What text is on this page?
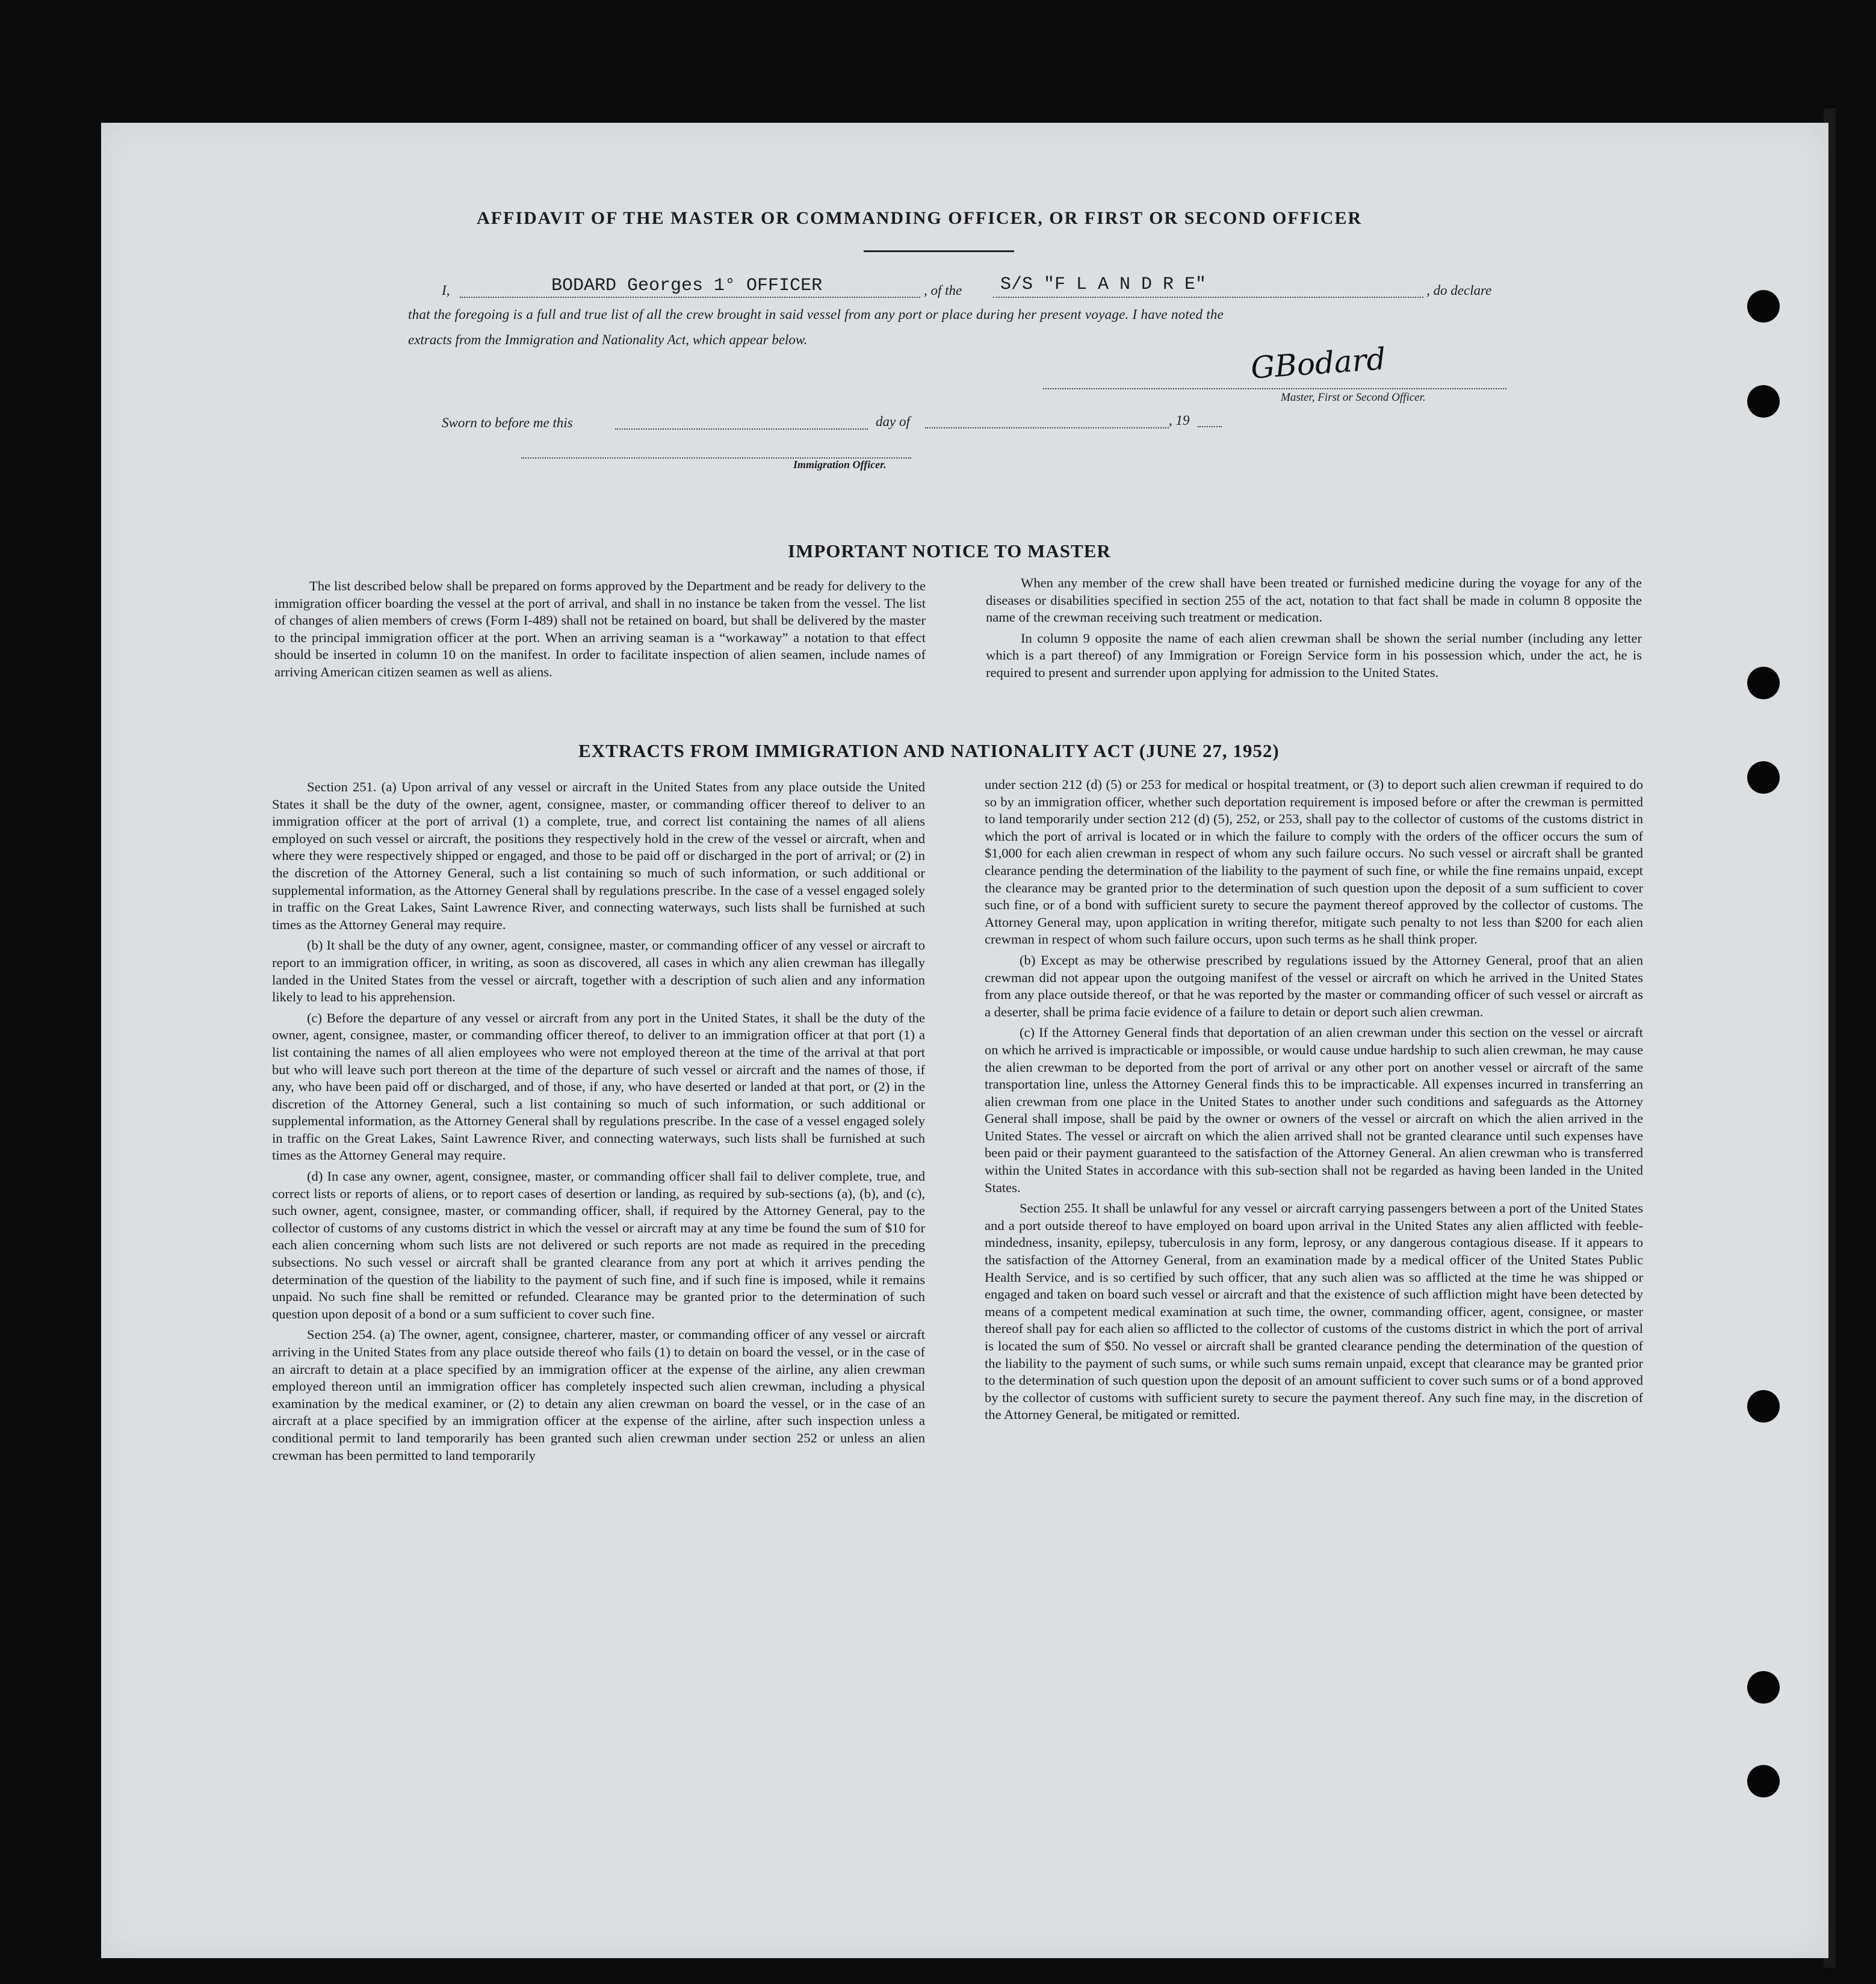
AFFIDAVIT OF THE MASTER OR COMMANDING OFFICER, OR FIRST OR SECOND OFFICER
I,	BODARD Georges 1° OFFICER	, of the S/S "F L A N D R E"	, do declare
that the foregoing is a full and true list of all the crew brought in said vessel from any port or place during her present voyage. I have noted the
extracts from the Immigration and Nationality Act, which appear below.
GBodard
Master, First or Second Officer.
Sworn to before me this	day of	, 19
Immigration Officer.
IMPORTANT NOTICE TO MASTER

The list described below shall be prepared on forms approved by the Department and be ready for delivery to the immigration officer boarding the vessel at the port of arrival, and shall in no instance be taken from the vessel. The list of changes of alien members of crews (Form I-489) shall not be retained on board, but shall be delivered by the master to the principal immigration officer at the port. When an arriving seaman is a “workaway” a notation to that effect should be inserted in column 10 on the manifest. In order to facilitate inspection of alien seamen, include names of arriving American citizen seamen as well as aliens.

When any member of the crew shall have been treated or furnished medicine during the voyage for any of the diseases or disabilities specified in section 255 of the act, notation to that fact shall be made in column 8 opposite the name of the crewman receiving such treatment or medication.

In column 9 opposite the name of each alien crewman shall be shown the serial number (including any letter which is a part thereof) of any Immigration or Foreign Service form in his possession which, under the act, he is required to present and surrender upon applying for admission to the United States.

EXTRACTS FROM IMMIGRATION AND NATIONALITY ACT (JUNE 27, 1952)

Section 251. (a) Upon arrival of any vessel or aircraft in the United States from any place outside the United States it shall be the duty of the owner, agent, consignee, master, or commanding officer thereof to deliver to an immigration officer at the port of arrival (1) a complete, true, and correct list containing the names of all aliens employed on such vessel or aircraft, the positions they respectively hold in the crew of the vessel or aircraft, when and where they were respectively shipped or engaged, and those to be paid off or discharged in the port of arrival; or (2) in the discretion of the Attorney General, such a list containing so much of such information, or such additional or supplemental information, as the Attorney General shall by regulations prescribe. In the case of a vessel engaged solely in traffic on the Great Lakes, Saint Lawrence River, and connecting waterways, such lists shall be furnished at such times as the Attorney General may require.

(b) It shall be the duty of any owner, agent, consignee, master, or commanding officer of any vessel or aircraft to report to an immigration officer, in writing, as soon as discovered, all cases in which any alien crewman has illegally landed in the United States from the vessel or aircraft, together with a description of such alien and any information likely to lead to his apprehension.

(c) Before the departure of any vessel or aircraft from any port in the United States, it shall be the duty of the owner, agent, consignee, master, or commanding officer thereof, to deliver to an immigration officer at that port (1) a list containing the names of all alien employees who were not employed thereon at the time of the arrival at that port but who will leave such port thereon at the time of the departure of such vessel or aircraft and the names of those, if any, who have been paid off or discharged, and of those, if any, who have deserted or landed at that port, or (2) in the discretion of the Attorney General, such a list containing so much of such information, or such additional or supplemental information, as the Attorney General shall by regulations prescribe. In the case of a vessel engaged solely in traffic on the Great Lakes, Saint Lawrence River, and connecting waterways, such lists shall be furnished at such times as the Attorney General may require.

(d) In case any owner, agent, consignee, master, or commanding officer shall fail to deliver complete, true, and correct lists or reports of aliens, or to report cases of desertion or landing, as required by sub-sections (a), (b), and (c), such owner, agent, consignee, master, or commanding officer, shall, if required by the Attorney General, pay to the collector of customs of any customs district in which the vessel or aircraft may at any time be found the sum of $10 for each alien concerning whom such lists are not delivered or such reports are not made as required in the preceding subsections. No such vessel or aircraft shall be granted clearance from any port at which it arrives pending the determination of the question of the liability to the payment of such fine, and if such fine is imposed, while it remains unpaid. No such fine shall be remitted or refunded. Clearance may be granted prior to the determination of such question upon deposit of a bond or a sum sufficient to cover such fine.

Section 254. (a) The owner, agent, consignee, charterer, master, or commanding officer of any vessel or aircraft arriving in the United States from any place outside thereof who fails (1) to detain on board the vessel, or in the case of an aircraft to detain at a place specified by an immigration officer at the expense of the airline, any alien crewman employed thereon until an immigration officer has completely inspected such alien crewman, including a physical examination by the medical examiner, or (2) to detain any alien crewman on board the vessel, or in the case of an aircraft at a place specified by an immigration officer at the expense of the airline, after such inspection unless a conditional permit to land temporarily has been granted such alien crewman under section 252 or unless an alien crewman has been permitted to land temporarily

under section 212 (d) (5) or 253 for medical or hospital treatment, or (3) to deport such alien crewman if required to do so by an immigration officer, whether such deportation requirement is imposed before or after the crewman is permitted to land temporarily under section 212 (d) (5), 252, or 253, shall pay to the collector of customs of the customs district in which the port of arrival is located or in which the failure to comply with the orders of the officer occurs the sum of $1,000 for each alien crewman in respect of whom any such failure occurs. No such vessel or aircraft shall be granted clearance pending the determination of the liability to the payment of such fine, or while the fine remains unpaid, except the clearance may be granted prior to the determination of such question upon the deposit of a sum sufficient to cover such fine, or of a bond with sufficient surety to secure the payment thereof approved by the collector of customs. The Attorney General may, upon application in writing therefor, mitigate such penalty to not less than $200 for each alien crewman in respect of whom such failure occurs, upon such terms as he shall think proper.

(b) Except as may be otherwise prescribed by regulations issued by the Attorney General, proof that an alien crewman did not appear upon the outgoing manifest of the vessel or aircraft on which he arrived in the United States from any place outside thereof, or that he was reported by the master or commanding officer of such vessel or aircraft as a deserter, shall be prima facie evidence of a failure to detain or deport such alien crewman.

(c) If the Attorney General finds that deportation of an alien crewman under this section on the vessel or aircraft on which he arrived is impracticable or impossible, or would cause undue hardship to such alien crewman, he may cause the alien crewman to be deported from the port of arrival or any other port on another vessel or aircraft of the same transportation line, unless the Attorney General finds this to be impracticable. All expenses incurred in transferring an alien crewman from one place in the United States to another under such conditions and safeguards as the Attorney General shall impose, shall be paid by the owner or owners of the vessel or aircraft on which the alien arrived in the United States. The vessel or aircraft on which the alien arrived shall not be granted clearance until such expenses have been paid or their payment guaranteed to the satisfaction of the Attorney General. An alien crewman who is transferred within the United States in accordance with this sub-section shall not be regarded as having been landed in the United States.

Section 255. It shall be unlawful for any vessel or aircraft carrying passengers between a port of the United States and a port outside thereof to have employed on board upon arrival in the United States any alien afflicted with feeble-mindedness, insanity, epilepsy, tuberculosis in any form, leprosy, or any dangerous contagious disease. If it appears to the satisfaction of the Attorney General, from an examination made by a medical officer of the United States Public Health Service, and is so certified by such officer, that any such alien was so afflicted at the time he was shipped or engaged and taken on board such vessel or aircraft and that the existence of such affliction might have been detected by means of a competent medical examination at such time, the owner, commanding officer, agent, consignee, or master thereof shall pay for each alien so afflicted to the collector of customs of the customs district in which the port of arrival is located the sum of $50. No vessel or aircraft shall be granted clearance pending the determination of the question of the liability to the payment of such sums, or while such sums remain unpaid, except that clearance may be granted prior to the determination of such question upon the deposit of an amount sufficient to cover such sums or of a bond approved by the collector of customs with sufficient surety to secure the payment thereof. Any such fine may, in the discretion of the Attorney General, be mitigated or remitted.
